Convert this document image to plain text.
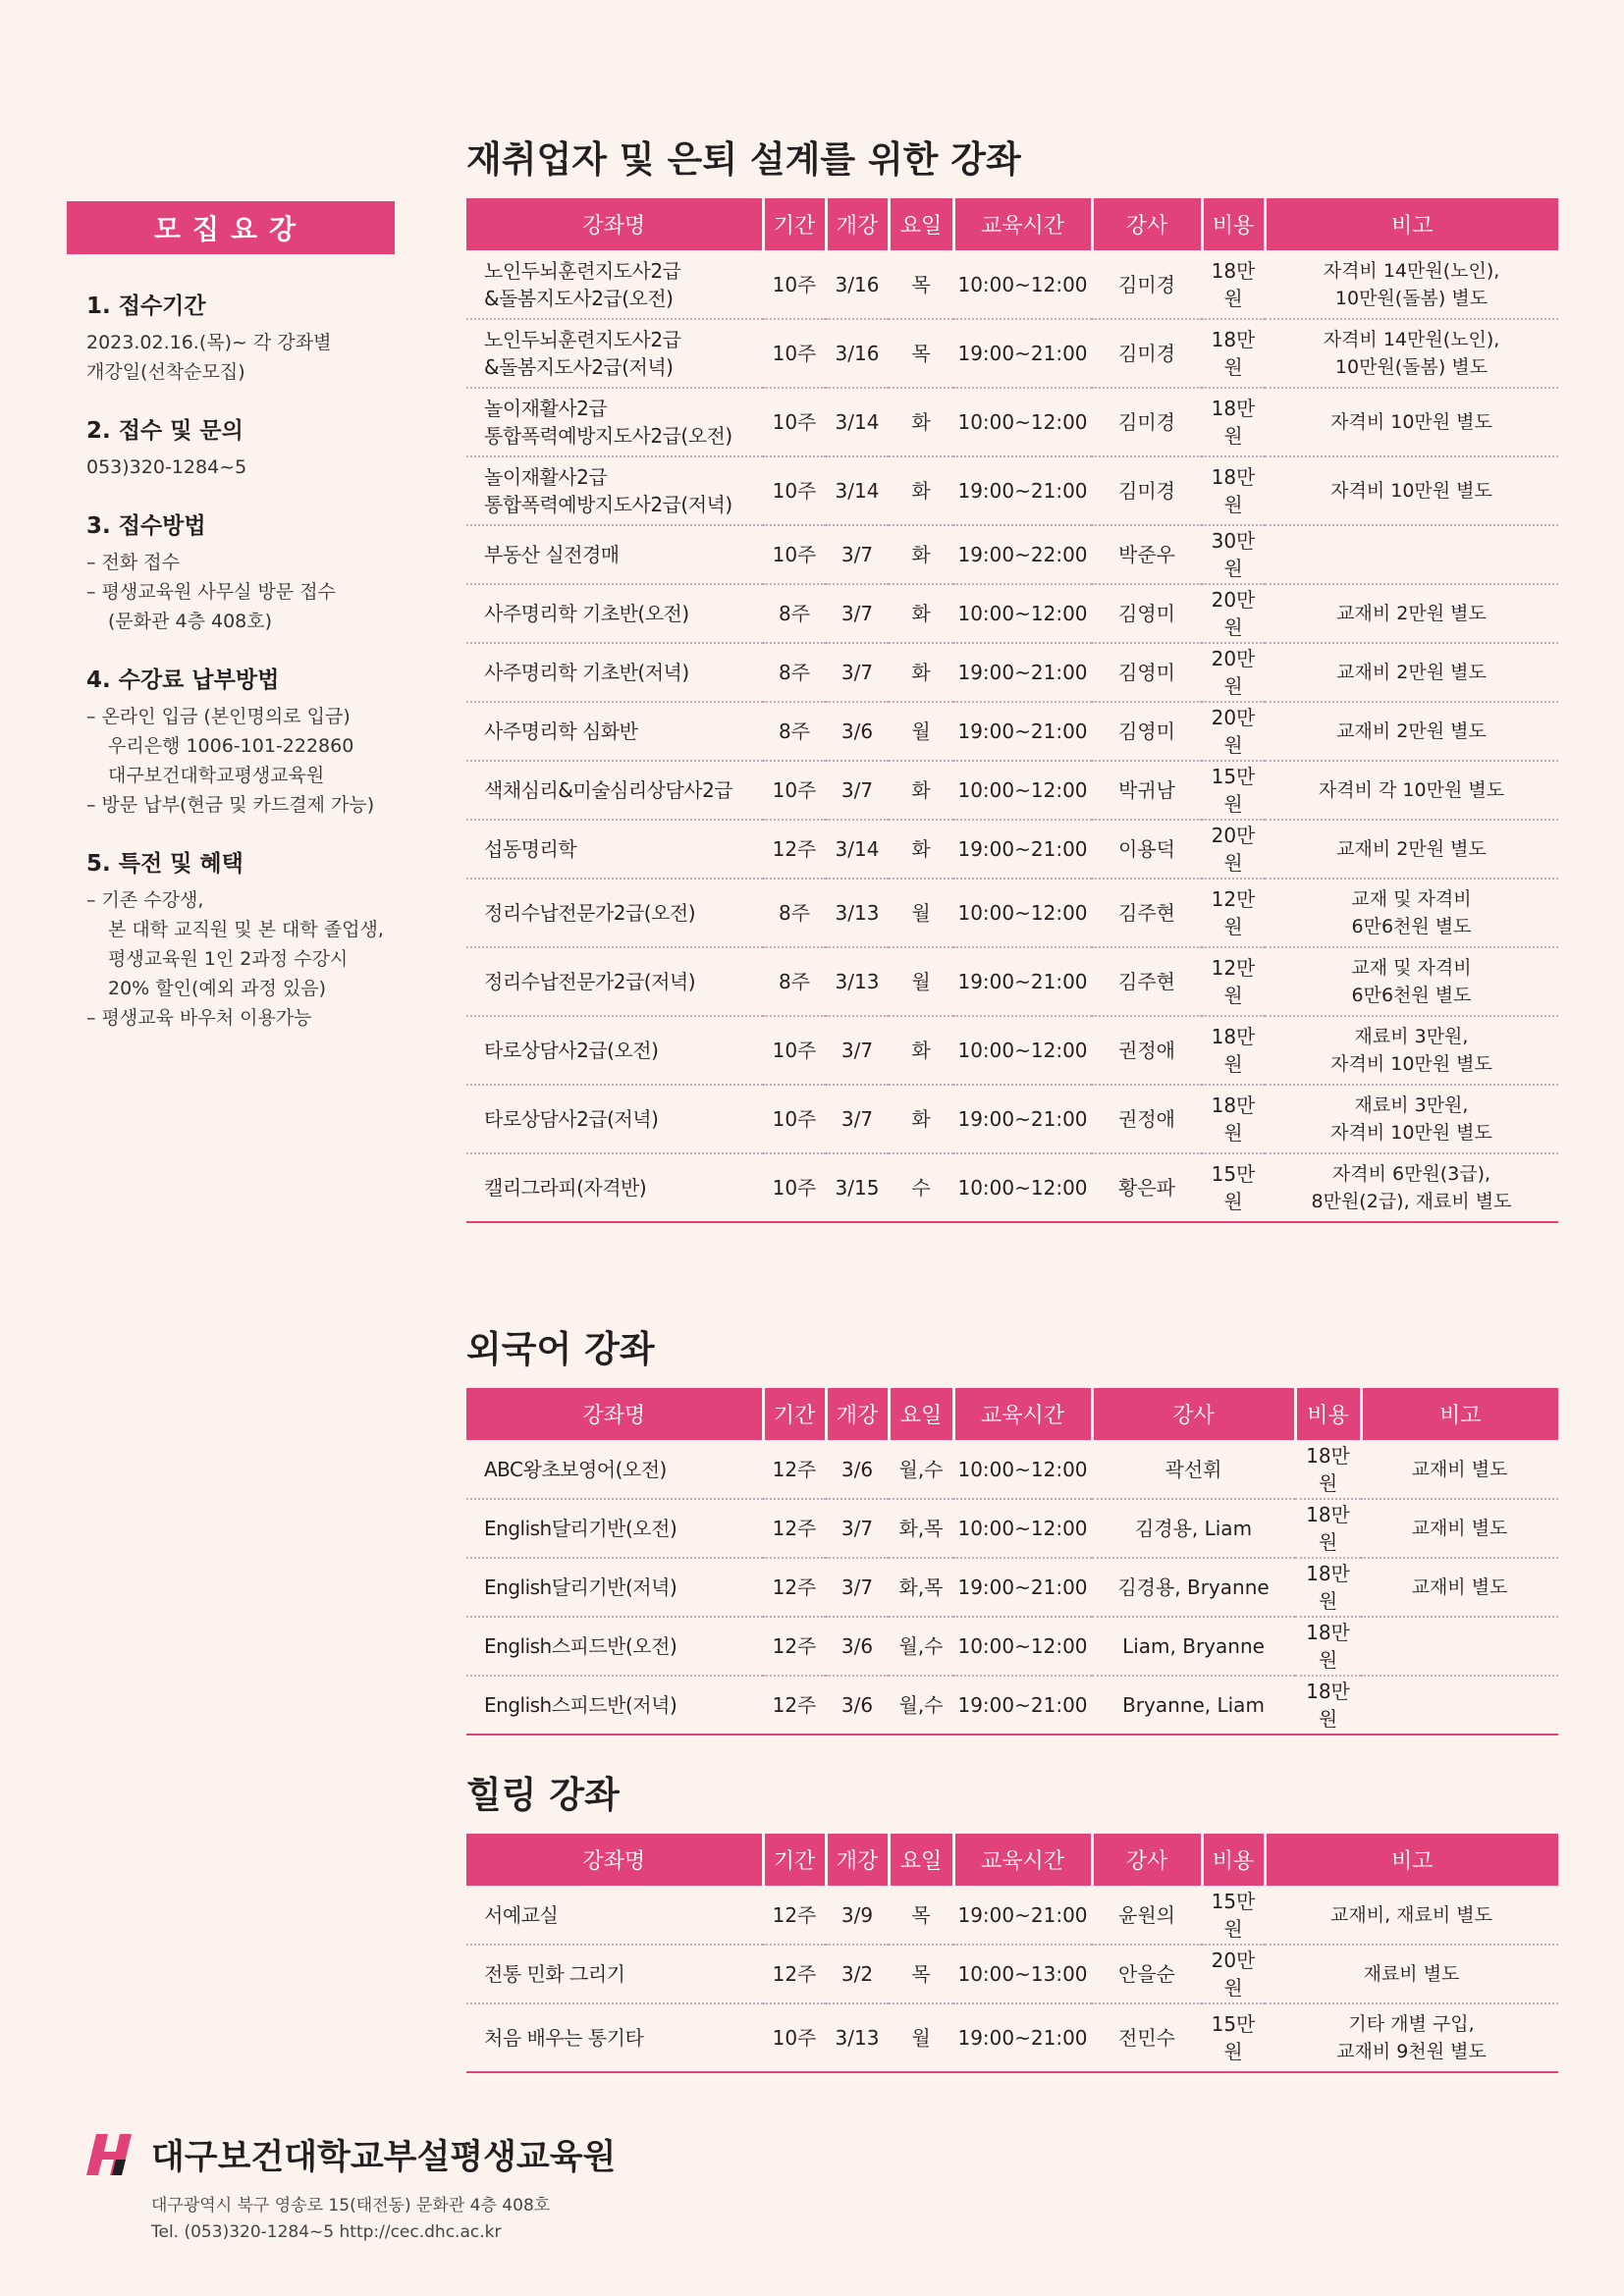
모집요강
1. 접수기간
2023.02.16.(목)~ 각 강좌별
개강일(선착순모집)
2. 접수 및 문의
053)320-1284~5
3. 접수방법
– 전화 접수
– 평생교육원 사무실 방문 접수
(문화관 4층 408호)
4. 수강료 납부방법
– 온라인 입금 (본인명의로 입금)
우리은행 1006-101-222860
대구보건대학교평생교육원
– 방문 납부(현금 및 카드결제 가능)
5. 특전 및 혜택
– 기존 수강생,
본 대학 교직원 및 본 대학 졸업생,
평생교육원 1인 2과정 수강시
20% 할인(예외 과정 있음)
– 평생교육 바우처 이용가능
재취업자 및 은퇴 설계를 위한 강좌
강좌명	기간	개강	요일	교육시간	강사	비용	비고
노인두뇌훈련지도사2급
&돌봄지도사2급(오전)	10주	3/16	목	10:00~12:00	김미경	18만원	자격비 14만원(노인),
10만원(돌봄) 별도
노인두뇌훈련지도사2급
&돌봄지도사2급(저녁)	10주	3/16	목	19:00~21:00	김미경	18만원	자격비 14만원(노인),
10만원(돌봄) 별도
놀이재활사2급
통합폭력예방지도사2급(오전)	10주	3/14	화	10:00~12:00	김미경	18만원	자격비 10만원 별도
놀이재활사2급
통합폭력예방지도사2급(저녁)	10주	3/14	화	19:00~21:00	김미경	18만원	자격비 10만원 별도
부동산 실전경매	10주	3/7	화	19:00~22:00	박준우	30만원	
사주명리학 기초반(오전)	8주	3/7	화	10:00~12:00	김영미	20만원	교재비 2만원 별도
사주명리학 기초반(저녁)	8주	3/7	화	19:00~21:00	김영미	20만원	교재비 2만원 별도
사주명리학 심화반	8주	3/6	월	19:00~21:00	김영미	20만원	교재비 2만원 별도
색채심리&미술심리상담사2급	10주	3/7	화	10:00~12:00	박귀남	15만원	자격비 각 10만원 별도
섭동명리학	12주	3/14	화	19:00~21:00	이용덕	20만원	교재비 2만원 별도
정리수납전문가2급(오전)	8주	3/13	월	10:00~12:00	김주현	12만원	교재 및 자격비
6만6천원 별도
정리수납전문가2급(저녁)	8주	3/13	월	19:00~21:00	김주현	12만원	교재 및 자격비
6만6천원 별도
타로상담사2급(오전)	10주	3/7	화	10:00~12:00	권정애	18만원	재료비 3만원,
자격비 10만원 별도
타로상담사2급(저녁)	10주	3/7	화	19:00~21:00	권정애	18만원	재료비 3만원,
자격비 10만원 별도
캘리그라피(자격반)	10주	3/15	수	10:00~12:00	황은파	15만원	자격비 6만원(3급),
8만원(2급), 재료비 별도
외국어 강좌
강좌명	기간	개강	요일	교육시간	강사	비용	비고
ABC왕초보영어(오전)	12주	3/6	월,수	10:00~12:00	곽선휘	18만원	교재비 별도
English달리기반(오전)	12주	3/7	화,목	10:00~12:00	김경용, Liam	18만원	교재비 별도
English달리기반(저녁)	12주	3/7	화,목	19:00~21:00	김경용, Bryanne	18만원	교재비 별도
English스피드반(오전)	12주	3/6	월,수	10:00~12:00	Liam, Bryanne	18만원	
English스피드반(저녁)	12주	3/6	월,수	19:00~21:00	Bryanne, Liam	18만원	
힐링 강좌
강좌명	기간	개강	요일	교육시간	강사	비용	비고
서예교실	12주	3/9	목	19:00~21:00	윤원의	15만원	교재비, 재료비 별도
전통 민화 그리기	12주	3/2	목	10:00~13:00	안을순	20만원	재료비 별도
처음 배우는 통기타	10주	3/13	월	19:00~21:00	전민수	15만원	기타 개별 구입,
교재비 9천원 별도
대구보건대학교부설평생교육원
대구광역시 북구 영송로 15(태전동) 문화관 4층 408호
Tel. (053)320-1284~5 http://cec.dhc.ac.kr
